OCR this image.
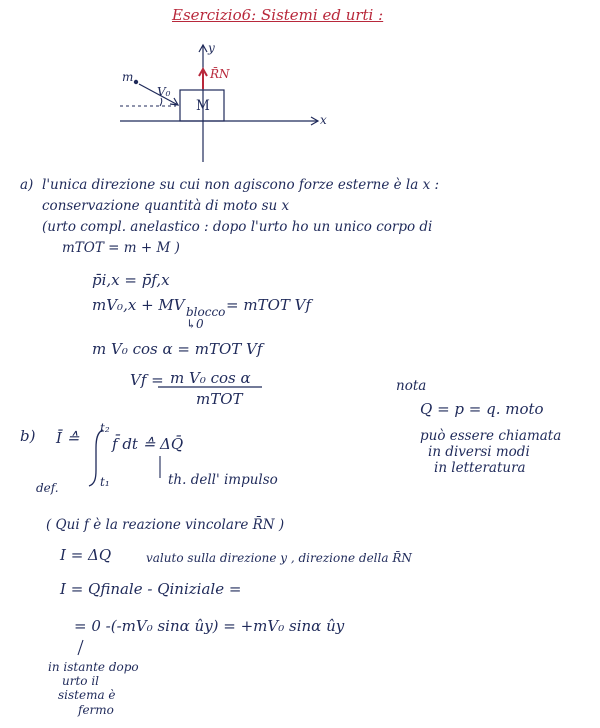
Esercizio6: Sistemi ed urti :
m
V₀
M
R̄N
y
x
a) l'unica direzione su cui non agiscono forze esterne è la x :
conservazione quantità di moto su x
(urto compl. anelastico : dopo l'urto ho un unico corpo di
mTOT = m + M )
p̄i,x = p̄f,x
mV₀,x + MV blocco = mTOT Vf
↳0
m V₀ cos α = mTOT Vf
Vf = m V₀ cos α
mTOT
nota
Q = p = q. moto
può essere chiamata
in diversi modi
in letteratura
b) Ī ≙
def.
t₂
t₁
f̄ dt ≙ ΔQ̄
th. dell' impulso
( Qui f è la reazione vincolare R̄N )
I = ΔQ	valuto sulla direzione y , direzione della R̄N
I = Qfinale - Qiniziale =
= 0 -(-mV₀ sinα ûy) = +mV₀ sinα ûy
in istante dopo
urto il
sistema è
fermo
